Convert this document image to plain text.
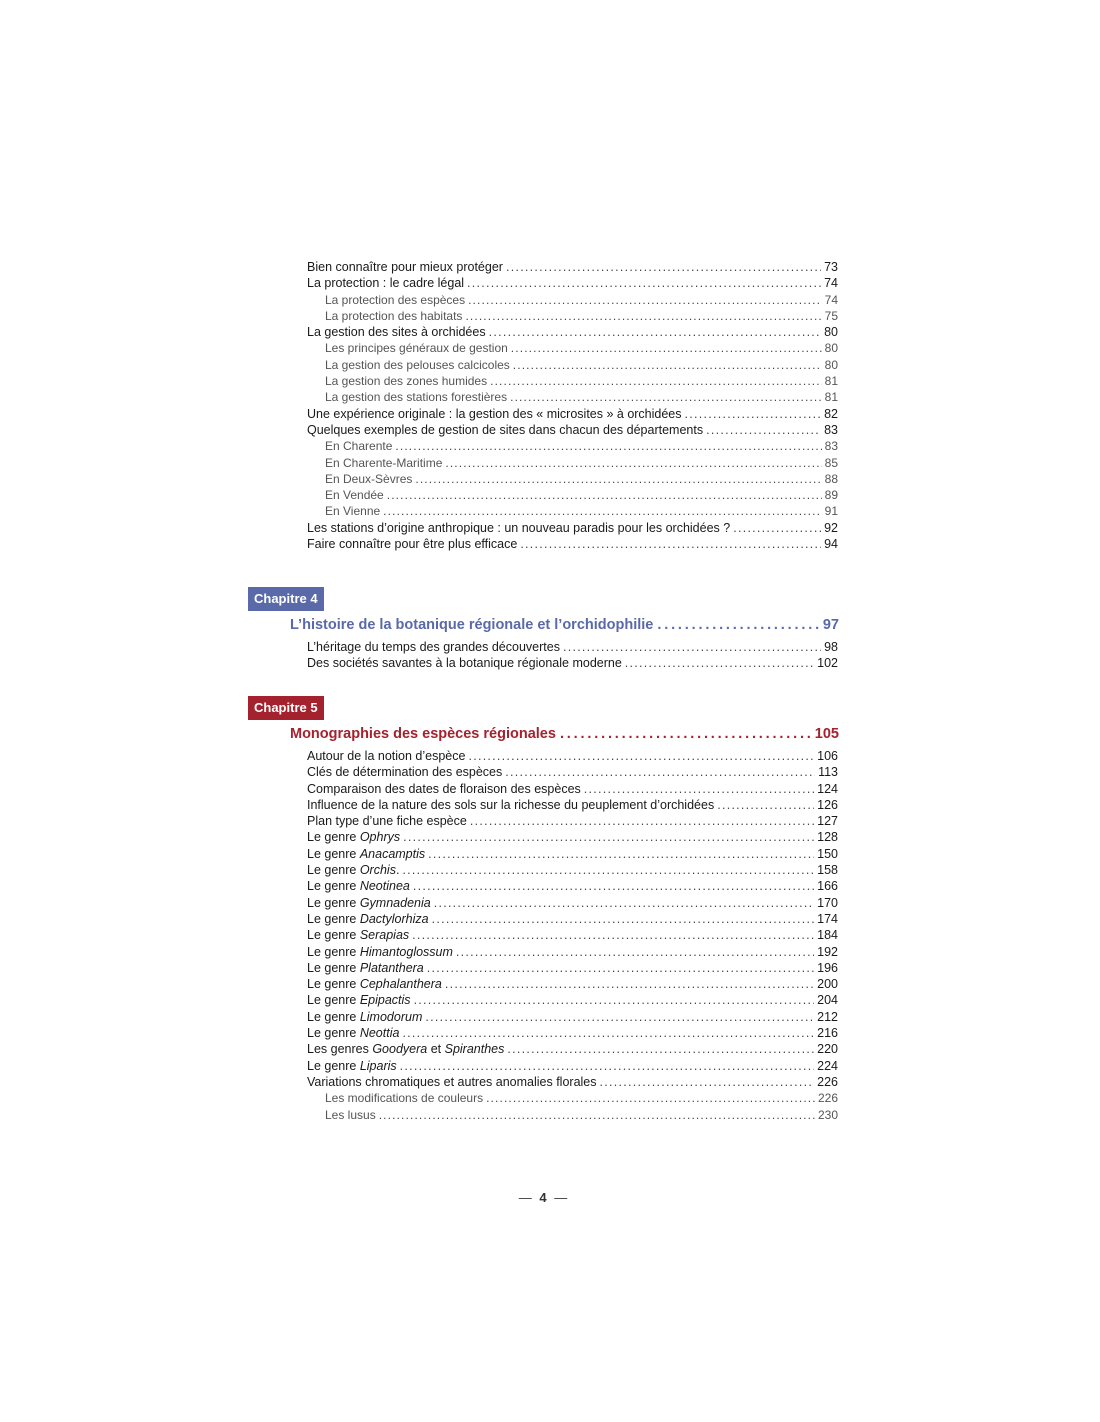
Bien connaître pour mieux protéger . . .	73
La protection : le cadre légal . . .	74
La protection des espèces . . .	74
La protection des habitats . . .	75
La gestion des sites à orchidées . . .	80
Les principes généraux de gestion . . .	80
La gestion des pelouses calcicoles . . .	80
La gestion des zones humides . . .	81
La gestion des stations forestières . . .	81
Une expérience originale : la gestion des « microsites » à orchidées . . .	82
Quelques exemples de gestion de sites dans chacun des départements . . .	83
En Charente . . .	83
En Charente-Maritime . . .	85
En Deux-Sèvres . . .	88
En Vendée . . .	89
En Vienne . . .	91
Les stations d’origine anthropique : un nouveau paradis pour les orchidées ? . . .	92
Faire connaître pour être plus efficace . . .	94
Chapitre 4
L’histoire de la botanique régionale et l’orchidophilie . . .	97
L’héritage du temps des grandes découvertes . . .	98
Des sociétés savantes à la botanique régionale moderne . . .	102
Chapitre 5
Monographies des espèces régionales . . .	105
Autour de la notion d’espèce . . .	106
Clés de détermination des espèces . . .	113
Comparaison des dates de floraison des espèces . . .	124
Influence de la nature des sols sur la richesse du peuplement d’orchidées . . .	126
Plan type d’une fiche espèce . . .	127
Le genre Ophrys . . .	128
Le genre Anacamptis . . .	150
Le genre Orchis. . . .	158
Le genre Neotinea . . .	166
Le genre Gymnadenia . . .	170
Le genre Dactylorhiza . . .	174
Le genre Serapias . . .	184
Le genre Himantoglossum . . .	192
Le genre Platanthera . . .	196
Le genre Cephalanthera . . .	200
Le genre Epipactis . . .	204
Le genre Limodorum . . .	212
Le genre Neottia . . .	216
Les genres Goodyera et Spiranthes . . .	220
Le genre Liparis . . .	224
Variations chromatiques et autres anomalies florales . . .	226
Les modifications de couleurs . . .	226
Les lusus . . .	230
— 4 —
